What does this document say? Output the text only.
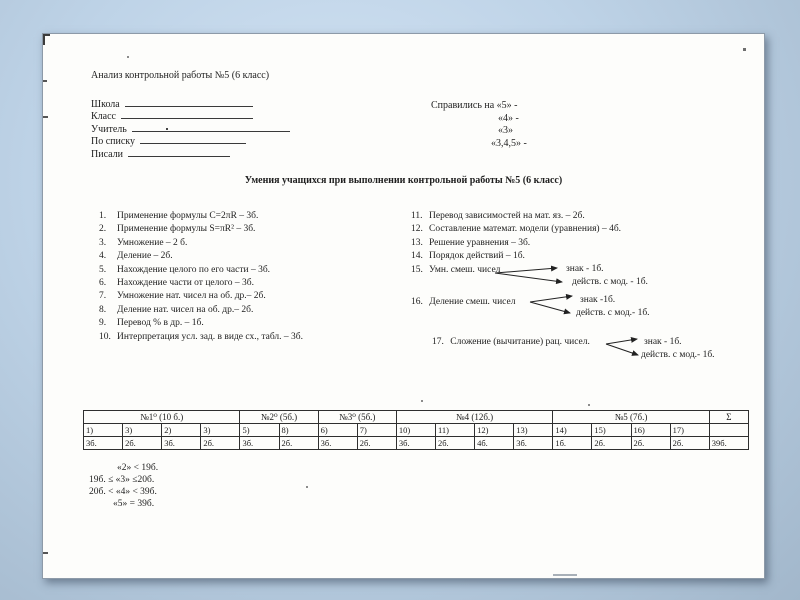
Анализ контрольной работы №5 (6 класс)
Школа
Класс
Учитель
По списку
Писали
Справились на «5» -
«4» -
«3»
«3,4,5» -
Умения учащихся при выполнении контрольной работы №5 (6 класс)
1.	Применение формулы С=2πR – 3б.
2.	Применение формулы S=πR² – 3б.
3.	Умножение – 2 б.
4.	Деление – 2б.
5.	Нахождение целого по его части – 3б.
6.	Нахождение части от целого – 3б.
7.	Умножение нат. чисел на об. др.– 2б.
8.	Деление нат. чисел на об. др.– 2б.
9.	Перевод % в др. – 1б.
10. Интерпретация усл. зад. в виде сх., табл. – 3б.
11. Перевод зависимостей на мат. яз. – 2б.
12. Составление математ. модели (уравнения) – 4б.
13. Решение уравнения – 3б.
14. Порядок действий – 1б.
15. Умн. смеш. чисел	знак - 1б.
действ. с мод. - 1б.
16. Деление смеш. чисел	знак -1б.
действ. с мод.- 1б.
17. Сложение (вычитание) рац. чисел.	знак - 1б.
действ. с мод.- 1б.
№1⁰ (10 б.)				№2⁰ (5б.)		№3⁰ (5б.)		№4 (12б.)				№5 (7б.)				Σ
1)	3)	2)	3)	5)	8)	6)	7)	10)	11)	12)	13)	14)	15)	16)	17)	
3б.	2б.	3б.	2б.	3б.	2б.	3б.	2б.	3б.	2б.	4б.	3б.	1б.	2б.	2б.	2б.	39б.
«2» < 19б.
19б. ≤ «3» ≤20б.
20б. < «4» < 39б.
«5» = 39б.
